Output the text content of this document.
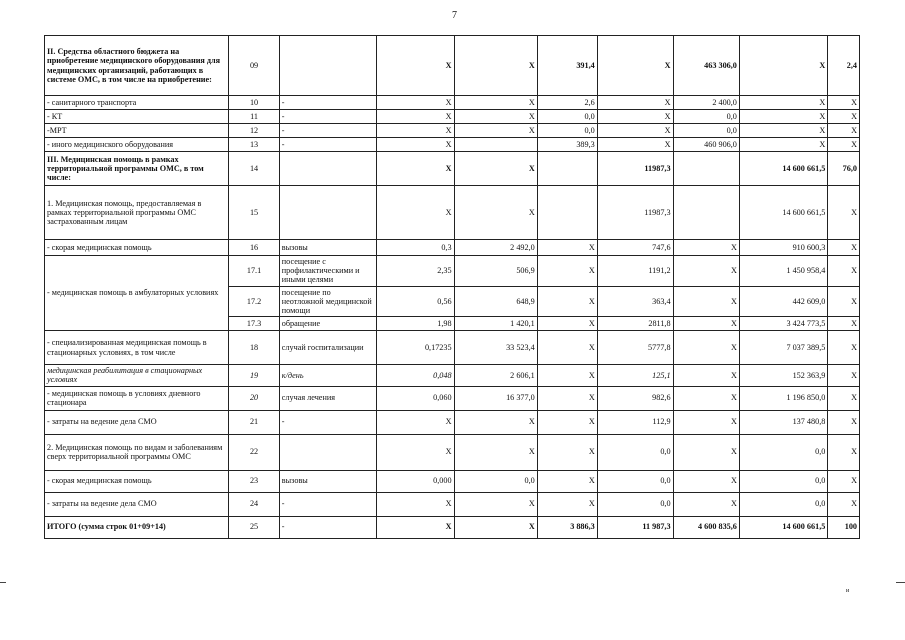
7
II. Средства областного бюджета на приобретение медицинского оборудования для медицинских организаций, работающих в системе ОМС, в том числе на приобретение:	09		Х	Х	391,4	Х	463 306,0	Х	2,4
- санитарного транспорта	10	-	Х	Х	2,6	Х	2 400,0	Х	Х
- КТ	11	-	Х	Х	0,0	Х	0,0	Х	Х
-МРТ	12	-	Х	Х	0,0	Х	0,0	Х	Х
- иного медицинского оборудования	13	-	Х		389,3	Х	460 906,0	Х	Х
III. Медицинская помощь в рамках территориальной программы ОМС, в том числе:	14		Х	Х		11987,3		14 600 661,5	76,0
1. Медицинская помощь, предоставляемая в рамках территориальной программы ОМС застрахованным лицам	15		Х	Х		11987,3		14 600 661,5	Х
- скорая медицинская помощь	16	вызовы	0,3	2 492,0	Х	747,6	Х	910 600,3	Х
- медицинская помощь в амбулаторных условиях	17.1	посещение с профилактическими и иными целями	2,35	506,9	Х	1191,2	Х	1 450 958,4	Х
	17.2	посещение по неотложной медицинской помощи	0,56	648,9	Х	363,4	Х	442 609,0	Х
	17.3	обращение	1,98	1 420,1	Х	2811,8	Х	3 424 773,5	Х
- специализированная медицинская помощь в стационарных условиях, в том числе	18	случай госпитализации	0,17235	33 523,4	Х	5777,8	Х	7 037 389,5	Х
медицинская реабилитация в стационарных условиях	19	к/день	0,048	2 606,1	Х	125,1	Х	152 363,9	Х
- медицинская помощь в условиях дневного стационара	20	случая лечения	0,060	16 377,0	Х	982,6	Х	1 196 850,0	Х
- затраты на ведение дела СМО	21	-	Х	Х	Х	112,9	Х	137 480,8	Х
2. Медицинская помощь по видам и заболеваниям сверх территориальной программы ОМС	22		Х	Х	Х	0,0	Х	0,0	Х
- скорая медицинская помощь	23	вызовы	0,000	0,0	Х	0,0	Х	0,0	Х
- затраты на ведение дела СМО	24	-	Х	Х	Х	0,0	Х	0,0	Х
ИТОГО (сумма строк 01+09+14)	25	-	Х	Х	3 886,3	11 987,3	4 600 835,6	14 600 661,5	100
и
